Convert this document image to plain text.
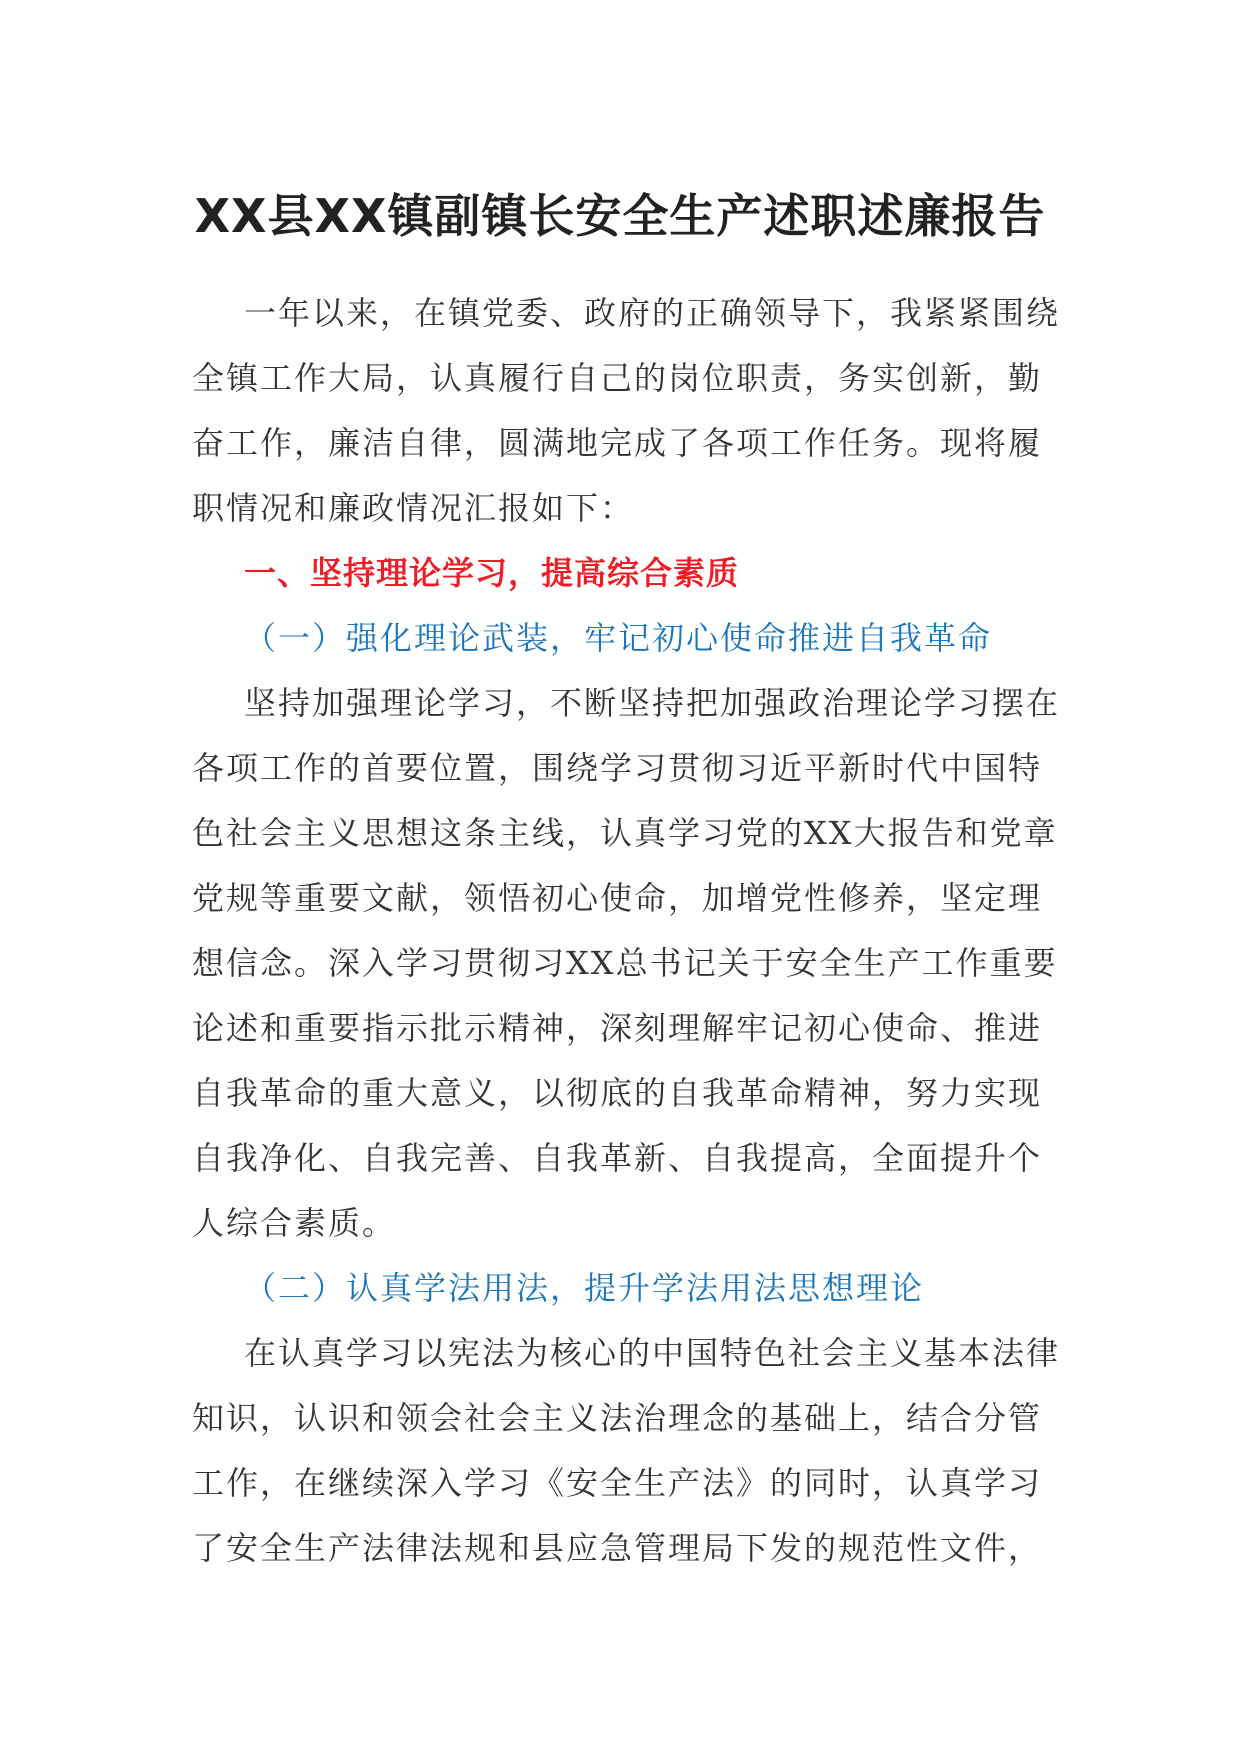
XX县XX镇副镇长安全生产述职述廉报告
一年以来，在镇党委、政府的正确领导下，我紧紧围绕
全镇工作大局，认真履行自己的岗位职责，务实创新，勤
奋工作，廉洁自律，圆满地完成了各项工作任务。现将履
职情况和廉政情况汇报如下：
一、坚持理论学习，提高综合素质
（一）强化理论武装，牢记初心使命推进自我革命
坚持加强理论学习，不断坚持把加强政治理论学习摆在
各项工作的首要位置，围绕学习贯彻习近平新时代中国特
色社会主义思想这条主线，认真学习党的XX大报告和党章
党规等重要文献，领悟初心使命，加增党性修养，坚定理
想信念。深入学习贯彻习XX总书记关于安全生产工作重要
论述和重要指示批示精神，深刻理解牢记初心使命、推进
自我革命的重大意义，以彻底的自我革命精神，努力实现
自我净化、自我完善、自我革新、自我提高，全面提升个
人综合素质。
（二）认真学法用法，提升学法用法思想理论
在认真学习以宪法为核心的中国特色社会主义基本法律
知识，认识和领会社会主义法治理念的基础上，结合分管
工作，在继续深入学习《安全生产法》的同时，认真学习
了安全生产法律法规和县应急管理局下发的规范性文件，
